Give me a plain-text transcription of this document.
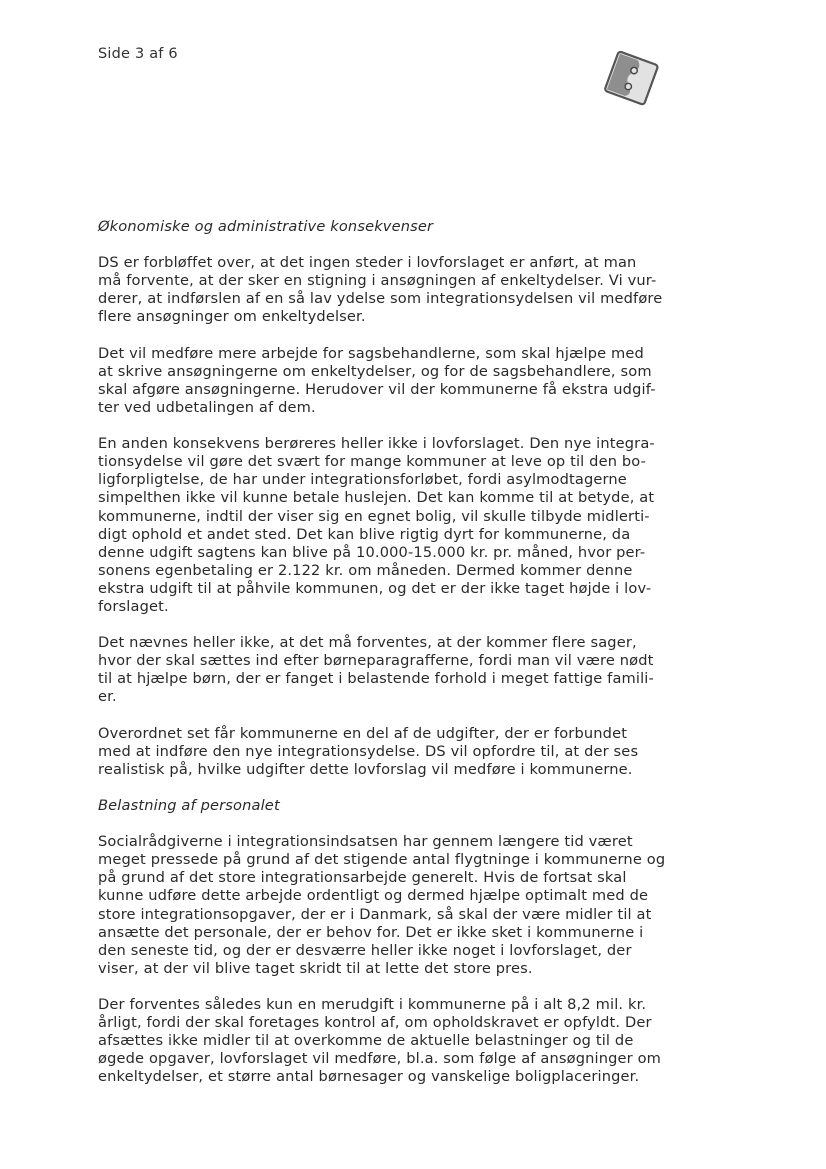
Side 3 af 6
Økonomiske og administrative konsekvenser

DS er forbløffet over, at det ingen steder i lovforslaget er anført, at man
må forvente, at der sker en stigning i ansøgningen af enkeltydelser. Vi vur-
derer, at indførslen af en så lav ydelse som integrationsydelsen vil medføre
flere ansøgninger om enkeltydelser.

Det vil medføre mere arbejde for sagsbehandlerne, som skal hjælpe med
at skrive ansøgningerne om enkeltydelser, og for de sagsbehandlere, som
skal afgøre ansøgningerne. Herudover vil der kommunerne få ekstra udgif-
ter ved udbetalingen af dem.

En anden konsekvens berøreres heller ikke i lovforslaget. Den nye integra-
tionsydelse vil gøre det svært for mange kommuner at leve op til den bo-
ligforpligtelse, de har under integrationsforløbet, fordi asylmodtagerne
simpelthen ikke vil kunne betale huslejen. Det kan komme til at betyde, at
kommunerne, indtil der viser sig en egnet bolig, vil skulle tilbyde midlerti-
digt ophold et andet sted. Det kan blive rigtig dyrt for kommunerne, da
denne udgift sagtens kan blive på 10.000-15.000 kr. pr. måned, hvor per-
sonens egenbetaling er 2.122 kr. om måneden. Dermed kommer denne
ekstra udgift til at påhvile kommunen, og det er der ikke taget højde i lov-
forslaget.

Det nævnes heller ikke, at det må forventes, at der kommer flere sager,
hvor der skal sættes ind efter børneparagrafferne, fordi man vil være nødt
til at hjælpe børn, der er fanget i belastende forhold i meget fattige famili-
er.

Overordnet set får kommunerne en del af de udgifter, der er forbundet
med at indføre den nye integrationsydelse. DS vil opfordre til, at der ses
realistisk på, hvilke udgifter dette lovforslag vil medføre i kommunerne.

Belastning af personalet

Socialrådgiverne i integrationsindsatsen har gennem længere tid været
meget pressede på grund af det stigende antal flygtninge i kommunerne og
på grund af det store integrationsarbejde generelt. Hvis de fortsat skal
kunne udføre dette arbejde ordentligt og dermed hjælpe optimalt med de
store integrationsopgaver, der er i Danmark, så skal der være midler til at
ansætte det personale, der er behov for. Det er ikke sket i kommunerne i
den seneste tid, og der er desværre heller ikke noget i lovforslaget, der
viser, at der vil blive taget skridt til at lette det store pres.

Der forventes således kun en merudgift i kommunerne på i alt 8,2 mil. kr.
årligt, fordi der skal foretages kontrol af, om opholdskravet er opfyldt. Der
afsættes ikke midler til at overkomme de aktuelle belastninger og til de
øgede opgaver, lovforslaget vil medføre, bl.a. som følge af ansøgninger om
enkeltydelser, et større antal børnesager og vanskelige boligplaceringer.
